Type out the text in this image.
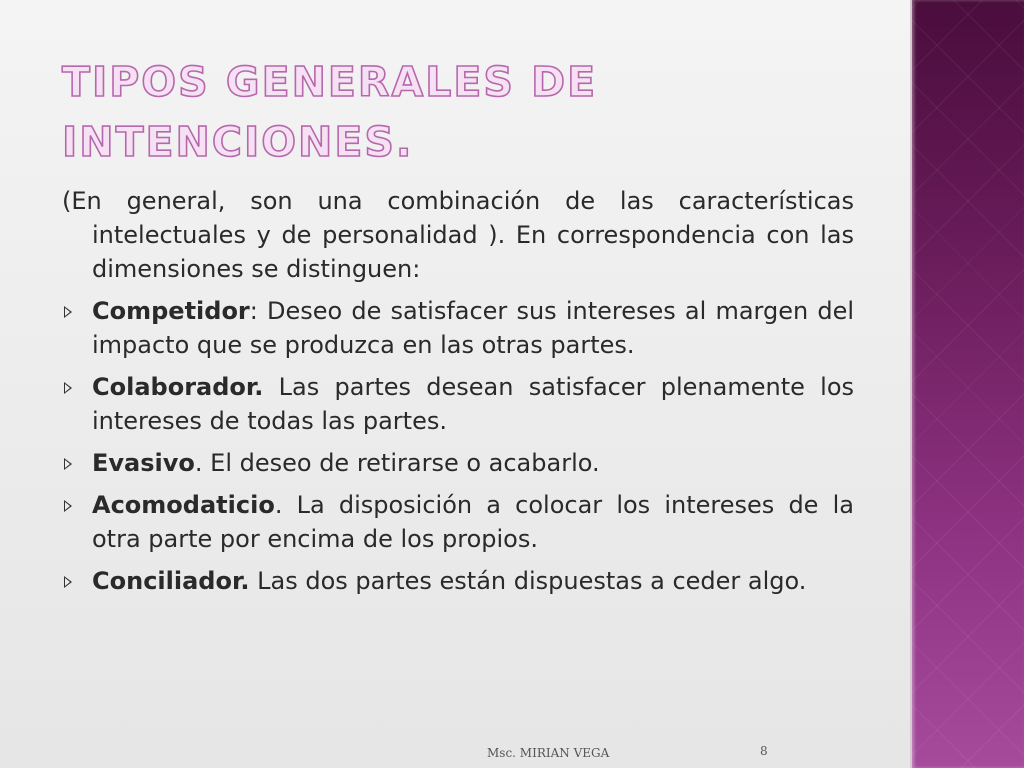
TIPOS GENERALES DE INTENCIONES.

(En general, son una combinación de las características intelectuales y de personalidad ). En correspondencia con las dimensiones se distinguen:

Competidor: Deseo de satisfacer sus intereses al margen del impacto que se produzca en las otras partes.

Colaborador. Las partes desean satisfacer plenamente los intereses de todas las partes.

Evasivo. El deseo de retirarse o acabarlo.

Acomodaticio. La disposición a colocar los intereses de la otra parte por encima de los propios.

Conciliador. Las dos partes están dispuestas a ceder algo.

Msc. MIRIAN VEGA	8
